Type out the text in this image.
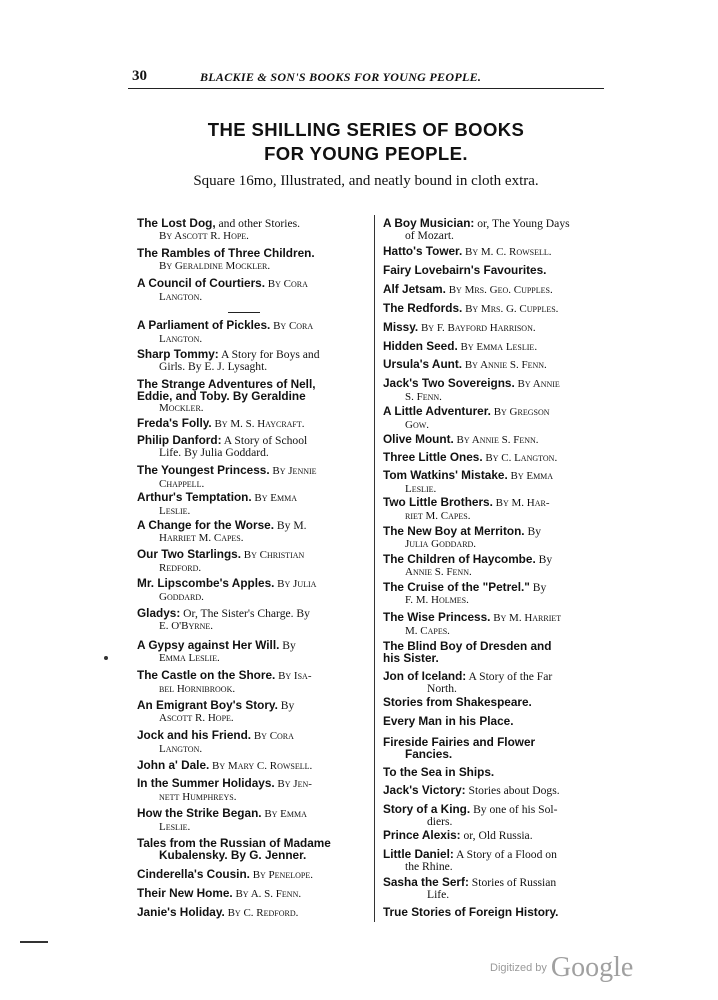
30	BLACKIE & SON'S BOOKS FOR YOUNG PEOPLE.
THE SHILLING SERIES OF BOOKS
FOR YOUNG PEOPLE.
Square 16mo, Illustrated, and neatly bound in cloth extra.
The Lost Dog, and other Stories.
By Ascott R. Hope.
The Rambles of Three Children.
By Geraldine Mockler.
A Council of Courtiers. By Cora
Langton.
A Parliament of Pickles. By Cora
Langton.
Sharp Tommy: A Story for Boys and
Girls. By E. J. Lysaght.
The Strange Adventures of Nell,
Eddie, and Toby. By Geraldine
Mockler.
Freda's Folly. By M. S. Haycraft.
Philip Danford: A Story of School
Life. By Julia Goddard.
The Youngest Princess. By Jennie
Chappell.
Arthur's Temptation. By Emma
Leslie.
A Change for the Worse. By M.
Harriet M. Capes.
Our Two Starlings. By Christian
Redford.
Mr. Lipscombe's Apples. By Julia
Goddard.
Gladys: Or, The Sister's Charge. By
E. O'Byrne.
A Gypsy against Her Will. By
Emma Leslie.
The Castle on the Shore. By Isa-
bel Hornibrook.
An Emigrant Boy's Story. By
Ascott R. Hope.
Jock and his Friend. By Cora
Langton.
John a' Dale. By Mary C. Rowsell.
In the Summer Holidays. By Jen-
nett Humphreys.
How the Strike Began. By Emma
Leslie.
Tales from the Russian of Madame
Kubalensky. By G. Jenner.
Cinderella's Cousin. By Penelope.
Their New Home. By A. S. Fenn.
Janie's Holiday. By C. Redford.
A Boy Musician: or, The Young Days
of Mozart.
Hatto's Tower. By M. C. Rowsell.
Fairy Lovebairn's Favourites.
Alf Jetsam. By Mrs. Geo. Cupples.
The Redfords. By Mrs. G. Cupples.
Missy. By F. Bayford Harrison.
Hidden Seed. By Emma Leslie.
Ursula's Aunt. By Annie S. Fenn.
Jack's Two Sovereigns. By Annie
S. Fenn.
A Little Adventurer. By Gregson
Gow.
Olive Mount. By Annie S. Fenn.
Three Little Ones. By C. Langton.
Tom Watkins' Mistake. By Emma
Leslie.
Two Little Brothers. By M. Har-
riet M. Capes.
The New Boy at Merriton. By
Julia Goddard.
The Children of Haycombe. By
Annie S. Fenn.
The Cruise of the "Petrel." By
F. M. Holmes.
The Wise Princess. By M. Harriet
M. Capes.
The Blind Boy of Dresden and
his Sister.
Jon of Iceland: A Story of the Far
North.
Stories from Shakespeare.
Every Man in his Place.
Fireside Fairies and Flower
Fancies.
To the Sea in Ships.
Jack's Victory: Stories about Dogs.
Story of a King. By one of his Sol-
diers.
Prince Alexis: or, Old Russia.
Little Daniel: A Story of a Flood on
the Rhine.
Sasha the Serf: Stories of Russian
Life.
True Stories of Foreign History.
Digitized by Google
